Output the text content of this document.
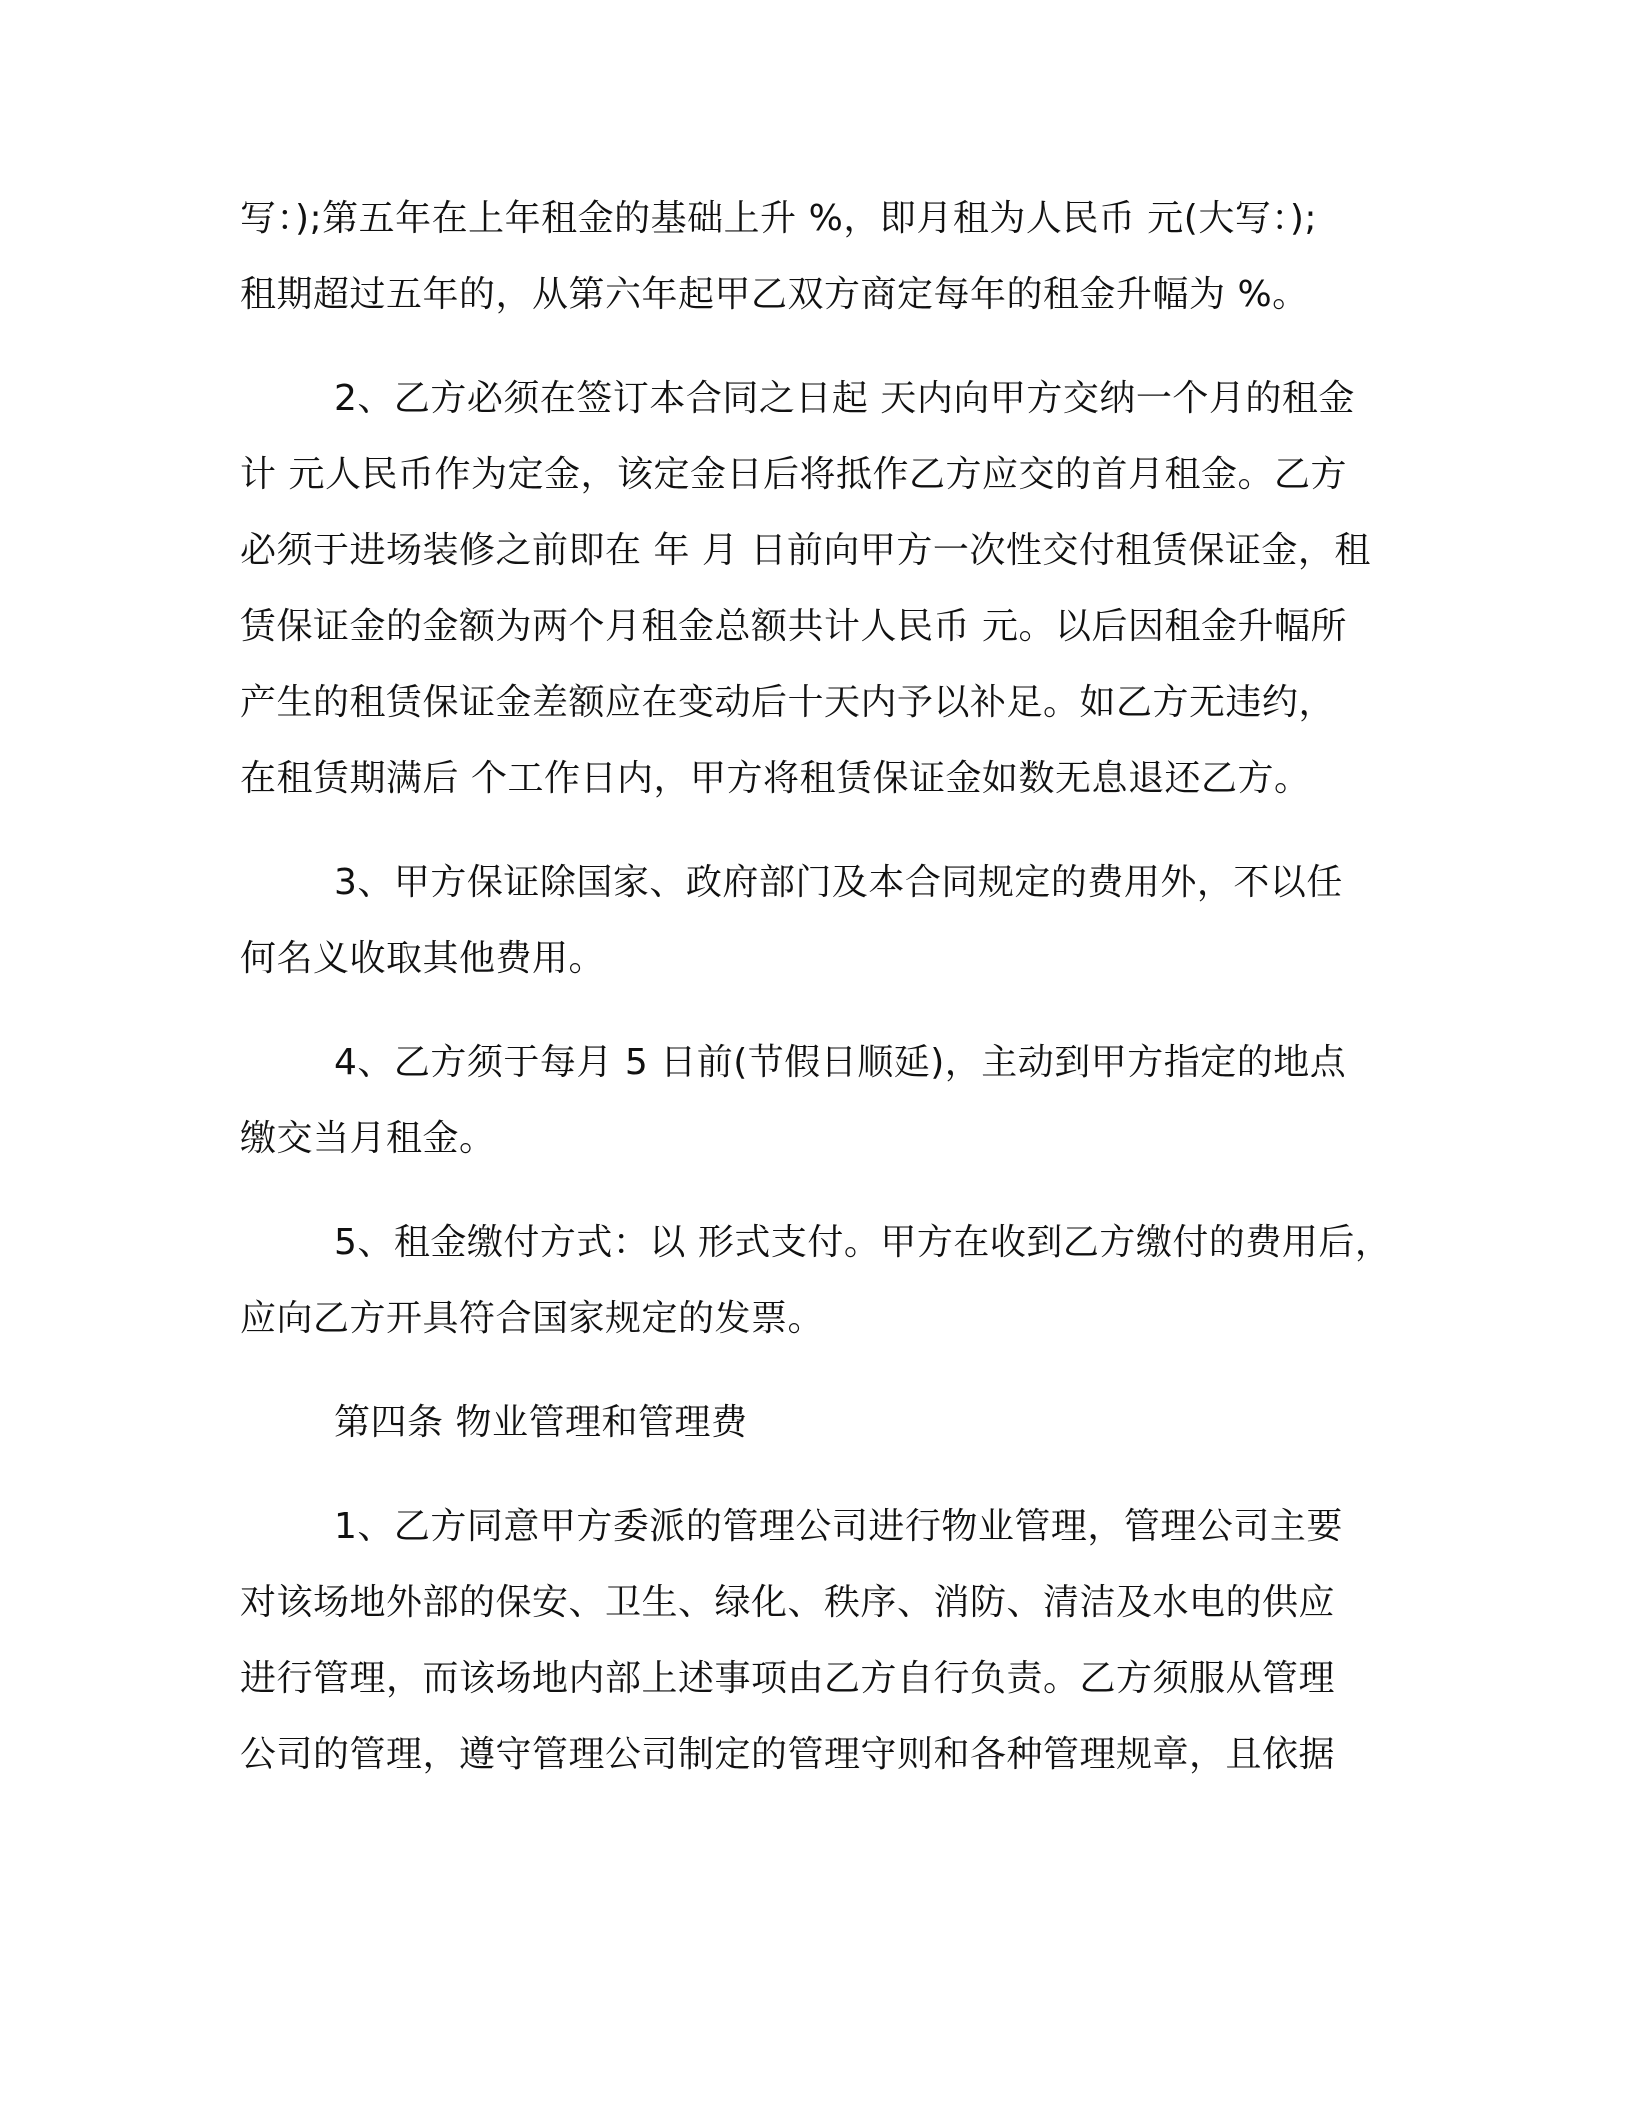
写：);第五年在上年租金的基础上升 %，即月租为人民币 元(大写：);
租期超过五年的，从第六年起甲乙双方商定每年的租金升幅为 %。
2、乙方必须在签订本合同之日起 天内向甲方交纳一个月的租金
计 元人民币作为定金，该定金日后将抵作乙方应交的首月租金。乙方
必须于进场装修之前即在 年 月 日前向甲方一次性交付租赁保证金，租
赁保证金的金额为两个月租金总额共计人民币 元。以后因租金升幅所
产生的租赁保证金差额应在变动后十天内予以补足。如乙方无违约，
在租赁期满后 个工作日内，甲方将租赁保证金如数无息退还乙方。
3、甲方保证除国家、政府部门及本合同规定的费用外，不以任
何名义收取其他费用。
4、乙方须于每月 5 日前(节假日顺延)，主动到甲方指定的地点
缴交当月租金。
5、租金缴付方式：以 形式支付。甲方在收到乙方缴付的费用后，
应向乙方开具符合国家规定的发票。
第四条 物业管理和管理费
1、乙方同意甲方委派的管理公司进行物业管理，管理公司主要
对该场地外部的保安、卫生、绿化、秩序、消防、清洁及水电的供应
进行管理，而该场地内部上述事项由乙方自行负责。乙方须服从管理
公司的管理，遵守管理公司制定的管理守则和各种管理规章，且依据
